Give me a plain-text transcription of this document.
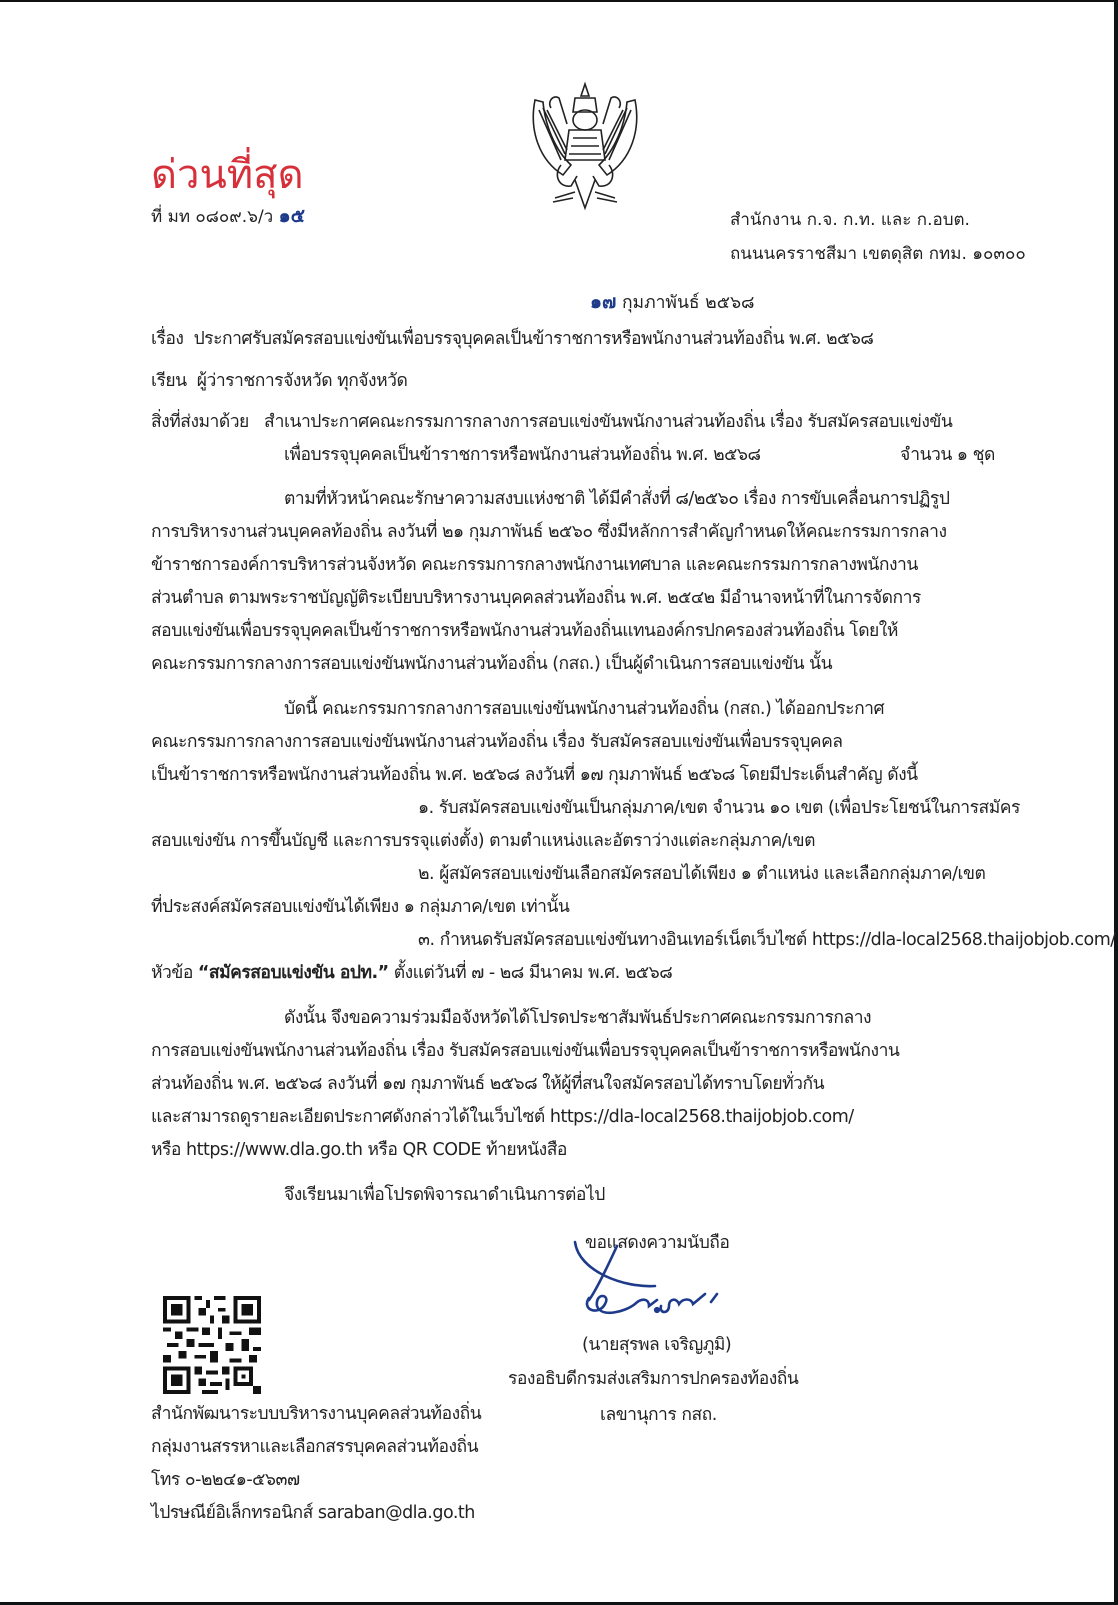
ด่วนที่สุด
ที่ มท ๐๘๐๙.๖/ว ๑๕	สำนักงาน ก.จ. ก.ท. และ ก.อบต.
ถนนนครราชสีมา เขตดุสิต กทม. ๑๐๓๐๐
๑๗ กุมภาพันธ์ ๒๕๖๘
เรื่อง ประกาศรับสมัครสอบแข่งขันเพื่อบรรจุบุคคลเป็นข้าราชการหรือพนักงานส่วนท้องถิ่น พ.ศ. ๒๕๖๘
เรียน ผู้ว่าราชการจังหวัด ทุกจังหวัด
สิ่งที่ส่งมาด้วย สำเนาประกาศคณะกรรมการกลางการสอบแข่งขันพนักงานส่วนท้องถิ่น เรื่อง รับสมัครสอบแข่งขัน
เพื่อบรรจุบุคคลเป็นข้าราชการหรือพนักงานส่วนท้องถิ่น พ.ศ. ๒๕๖๘	จำนวน ๑ ชุด
ตามที่หัวหน้าคณะรักษาความสงบแห่งชาติ ได้มีคำสั่งที่ ๘/๒๕๖๐ เรื่อง การขับเคลื่อนการปฏิรูป
การบริหารงานส่วนบุคคลท้องถิ่น ลงวันที่ ๒๑ กุมภาพันธ์ ๒๕๖๐ ซึ่งมีหลักการสำคัญกำหนดให้คณะกรรมการกลาง
ข้าราชการองค์การบริหารส่วนจังหวัด คณะกรรมการกลางพนักงานเทศบาล และคณะกรรมการกลางพนักงาน
ส่วนตำบล ตามพระราชบัญญัติระเบียบบริหารงานบุคคลส่วนท้องถิ่น พ.ศ. ๒๕๔๒ มีอำนาจหน้าที่ในการจัดการ
สอบแข่งขันเพื่อบรรจุบุคคลเป็นข้าราชการหรือพนักงานส่วนท้องถิ่นแทนองค์กรปกครองส่วนท้องถิ่น โดยให้
คณะกรรมการกลางการสอบแข่งขันพนักงานส่วนท้องถิ่น (กสถ.) เป็นผู้ดำเนินการสอบแข่งขัน นั้น
บัดนี้ คณะกรรมการกลางการสอบแข่งขันพนักงานส่วนท้องถิ่น (กสถ.) ได้ออกประกาศ
คณะกรรมการกลางการสอบแข่งขันพนักงานส่วนท้องถิ่น เรื่อง รับสมัครสอบแข่งขันเพื่อบรรจุบุคคล
เป็นข้าราชการหรือพนักงานส่วนท้องถิ่น พ.ศ. ๒๕๖๘ ลงวันที่ ๑๗ กุมภาพันธ์ ๒๕๖๘ โดยมีประเด็นสำคัญ ดังนี้
๑. รับสมัครสอบแข่งขันเป็นกลุ่มภาค/เขต จำนวน ๑๐ เขต (เพื่อประโยชน์ในการสมัคร
สอบแข่งขัน การขึ้นบัญชี และการบรรจุแต่งตั้ง) ตามตำแหน่งและอัตราว่างแต่ละกลุ่มภาค/เขต
๒. ผู้สมัครสอบแข่งขันเลือกสมัครสอบได้เพียง ๑ ตำแหน่ง และเลือกกลุ่มภาค/เขต
ที่ประสงค์สมัครสอบแข่งขันได้เพียง ๑ กลุ่มภาค/เขต เท่านั้น
๓. กำหนดรับสมัครสอบแข่งขันทางอินเทอร์เน็ตเว็บไซต์ https://dla-local2568.thaijobjob.com/
หัวข้อ “สมัครสอบแข่งขัน อปท.” ตั้งแต่วันที่ ๗ - ๒๘ มีนาคม พ.ศ. ๒๕๖๘
ดังนั้น จึงขอความร่วมมือจังหวัดได้โปรดประชาสัมพันธ์ประกาศคณะกรรมการกลาง
การสอบแข่งขันพนักงานส่วนท้องถิ่น เรื่อง รับสมัครสอบแข่งขันเพื่อบรรจุบุคคลเป็นข้าราชการหรือพนักงาน
ส่วนท้องถิ่น พ.ศ. ๒๕๖๘ ลงวันที่ ๑๗ กุมภาพันธ์ ๒๕๖๘ ให้ผู้ที่สนใจสมัครสอบได้ทราบโดยทั่วกัน
และสามารถดูรายละเอียดประกาศดังกล่าวได้ในเว็บไซต์ https://dla-local2568.thaijobjob.com/
หรือ https://www.dla.go.th หรือ QR CODE ท้ายหนังสือ
จึงเรียนมาเพื่อโปรดพิจารณาดำเนินการต่อไป
ขอแสดงความนับถือ
(นายสุรพล เจริญภูมิ)
รองอธิบดีกรมส่งเสริมการปกครองท้องถิ่น
เลขานุการ กสถ.
สำนักพัฒนาระบบบริหารงานบุคคลส่วนท้องถิ่น
กลุ่มงานสรรหาและเลือกสรรบุคคลส่วนท้องถิ่น
โทร ๐-๒๒๔๑-๕๖๓๗
ไปรษณีย์อิเล็กทรอนิกส์ saraban@dla.go.th
